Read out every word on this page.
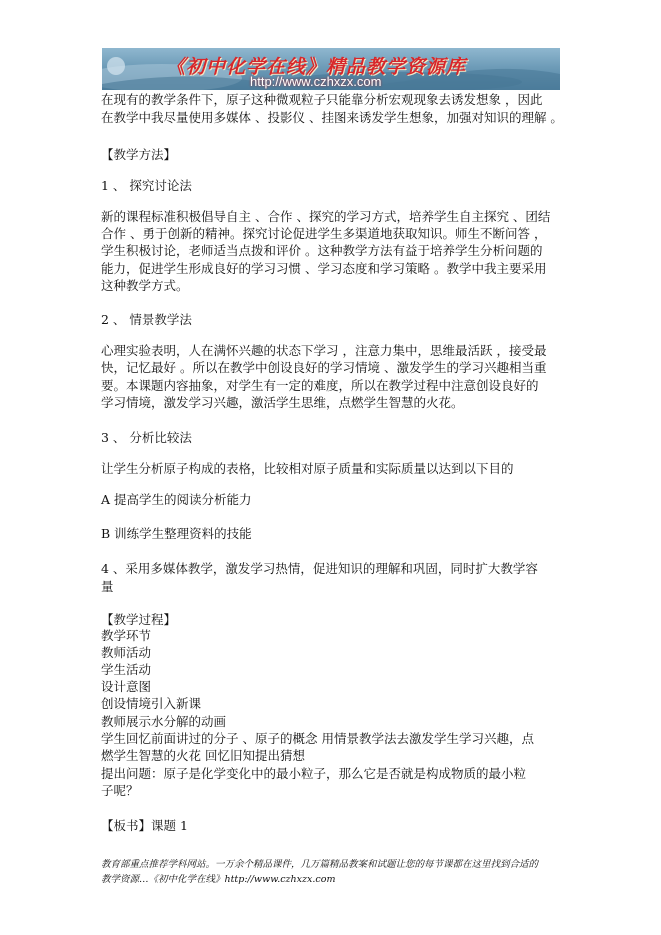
《初中化学在线》精品教学资源库
http://www.czhxzx.com
在现有的教学条件下，原子这种微观粒子只能靠分析宏观现象去诱发想象 ，因此
在教学中我尽量使用多媒体 、投影仪 、挂图来诱发学生想象，加强对知识的理解 。
【教学方法】
1 、 探究讨论法
新的课程标准积极倡导自主 、合作 、探究的学习方式，培养学生自主探究 、团结
合作 、勇于创新的精神。探究讨论促进学生多渠道地获取知识。师生不断问答 ，
学生积极讨论，老师适当点拨和评价 。这种教学方法有益于培养学生分析问题的
能力，促进学生形成良好的学习习惯 、学习态度和学习策略 。教学中我主要采用
这种教学方式。
2 、 情景教学法
心理实验表明，人在满怀兴趣的状态下学习 ，注意力集中，思维最活跃 ，接受最
快，记忆最好 。所以在教学中创设良好的学习情境 、激发学生的学习兴趣相当重
要。本课题内容抽象，对学生有一定的难度，所以在教学过程中注意创设良好的
学习情境，激发学习兴趣，激活学生思维，点燃学生智慧的火花。
3 、 分析比较法
让学生分析原子构成的表格，比较相对原子质量和实际质量以达到以下目的
A 提高学生的阅读分析能力
B 训练学生整理资料的技能
4 、采用多媒体教学，激发学习热情，促进知识的理解和巩固，同时扩大教学容
量
【教学过程】
教学环节
教师活动
学生活动
设计意图
创设情境引入新课
教师展示水分解的动画
学生回忆前面讲过的分子 、原子的概念 用情景教学法去激发学生学习兴趣，点
燃学生智慧的火花 回忆旧知提出猜想
提出问题：原子是化学变化中的最小粒子，那么它是否就是构成物质的最小粒
子呢？
【板书】课题 1
教育部重点推荐学科网站。一万余个精品课件，几万篇精品教案和试题让您的每节课都在这里找到合适的
教学资源…《初中化学在线》http://www.czhxzx.com
